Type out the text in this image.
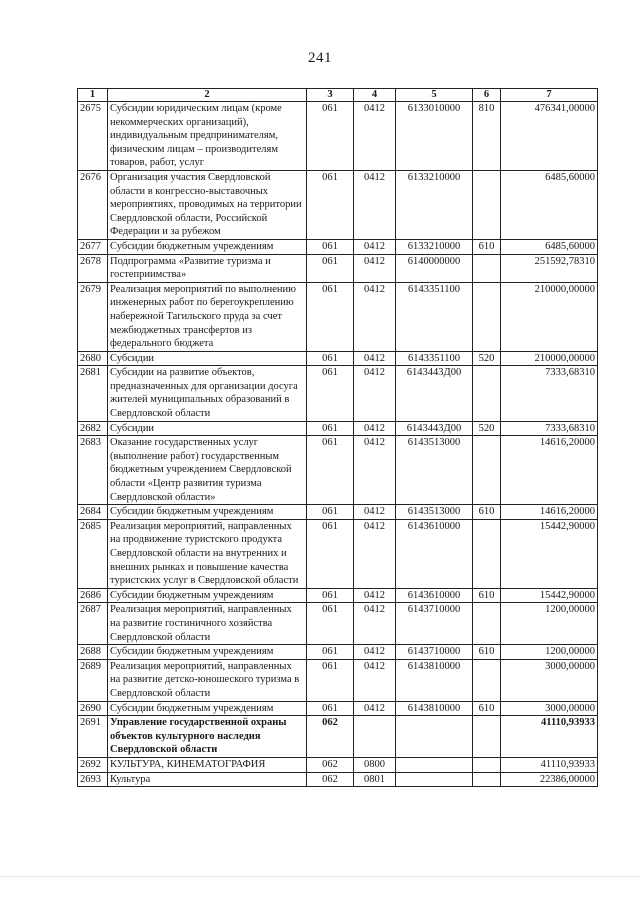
241
1	2	3	4	5	6	7
2675	Субсидии юридическим лицам (кроме некоммерческих организаций), индивидуальным предпринимателям, физическим лицам – производителям товаров, работ, услуг	061	0412	6133010000	810	476341,00000
2676	Организация участия Свердловской области в конгрессно-выставочных мероприятиях, проводимых на территории Свердловской области, Российской Федерации и за рубежом	061	0412	6133210000		6485,60000
2677	Субсидии бюджетным учреждениям	061	0412	6133210000	610	6485,60000
2678	Подпрограмма «Развитие туризма и гостеприимства»	061	0412	6140000000		251592,78310
2679	Реализация мероприятий по выполнению инженерных работ по берегоукреплению набережной Тагильского пруда за счет межбюджетных трансфертов из федерального бюджета	061	0412	6143351100		210000,00000
2680	Субсидии	061	0412	6143351100	520	210000,00000
2681	Субсидии на развитие объектов, предназначенных для организации досуга жителей муниципальных образований в Свердловской области	061	0412	6143443Д00		7333,68310
2682	Субсидии	061	0412	6143443Д00	520	7333,68310
2683	Оказание государственных услуг (выполнение работ) государственным бюджетным учреждением Свердловской области «Центр развития туризма Свердловской области»	061	0412	6143513000		14616,20000
2684	Субсидии бюджетным учреждениям	061	0412	6143513000	610	14616,20000
2685	Реализация мероприятий, направленных на продвижение туристского продукта Свердловской области на внутренних и внешних рынках и повышение качества туристских услуг в Свердловской области	061	0412	6143610000		15442,90000
2686	Субсидии бюджетным учреждениям	061	0412	6143610000	610	15442,90000
2687	Реализация мероприятий, направленных на развитие гостиничного хозяйства Свердловской области	061	0412	6143710000		1200,00000
2688	Субсидии бюджетным учреждениям	061	0412	6143710000	610	1200,00000
2689	Реализация мероприятий, направленных на развитие детско-юношеского туризма в Свердловской области	061	0412	6143810000		3000,00000
2690	Субсидии бюджетным учреждениям	061	0412	6143810000	610	3000,00000
2691	Управление государственной охраны объектов культурного наследия Свердловской области	062				41110,93933
2692	КУЛЬТУРА, КИНЕМАТОГРАФИЯ	062	0800			41110,93933
2693	Культура	062	0801			22386,00000
